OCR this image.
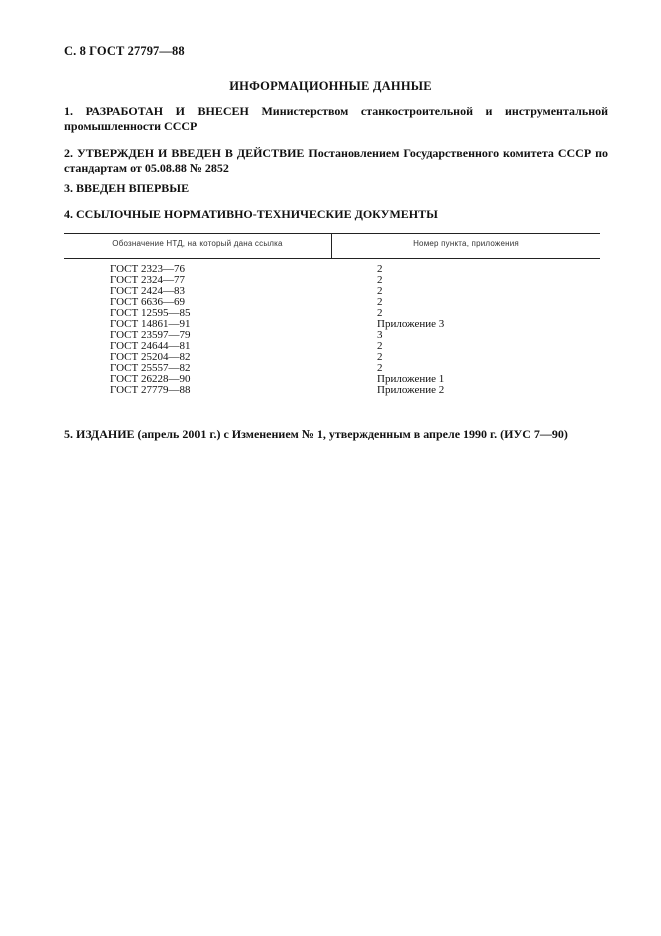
С. 8 ГОСТ 27797—88
ИНФОРМАЦИОННЫЕ ДАННЫЕ
1. РАЗРАБОТАН И ВНЕСЕН Министерством станкостроительной и инструментальной промышленности СССР
2. УТВЕРЖДЕН И ВВЕДЕН В ДЕЙСТВИЕ Постановлением Государственного комитета СССР по стандартам от 05.08.88 № 2852
3. ВВЕДЕН ВПЕРВЫЕ
4. ССЫЛОЧНЫЕ НОРМАТИВНО-ТЕХНИЧЕСКИЕ ДОКУМЕНТЫ
Обозначение НТД, на который дана ссылка	Номер пункта, приложения
ГОСТ 2323—76	2
ГОСТ 2324—77	2
ГОСТ 2424—83	2
ГОСТ 6636—69	2
ГОСТ 12595—85	2
ГОСТ 14861—91	Приложение 3
ГОСТ 23597—79	3
ГОСТ 24644—81	2
ГОСТ 25204—82	2
ГОСТ 25557—82	2
ГОСТ 26228—90	Приложение 1
ГОСТ 27779—88	Приложение 2
5. ИЗДАНИЕ (апрель 2001 г.) с Изменением № 1, утвержденным в апреле 1990 г. (ИУС 7—90)
